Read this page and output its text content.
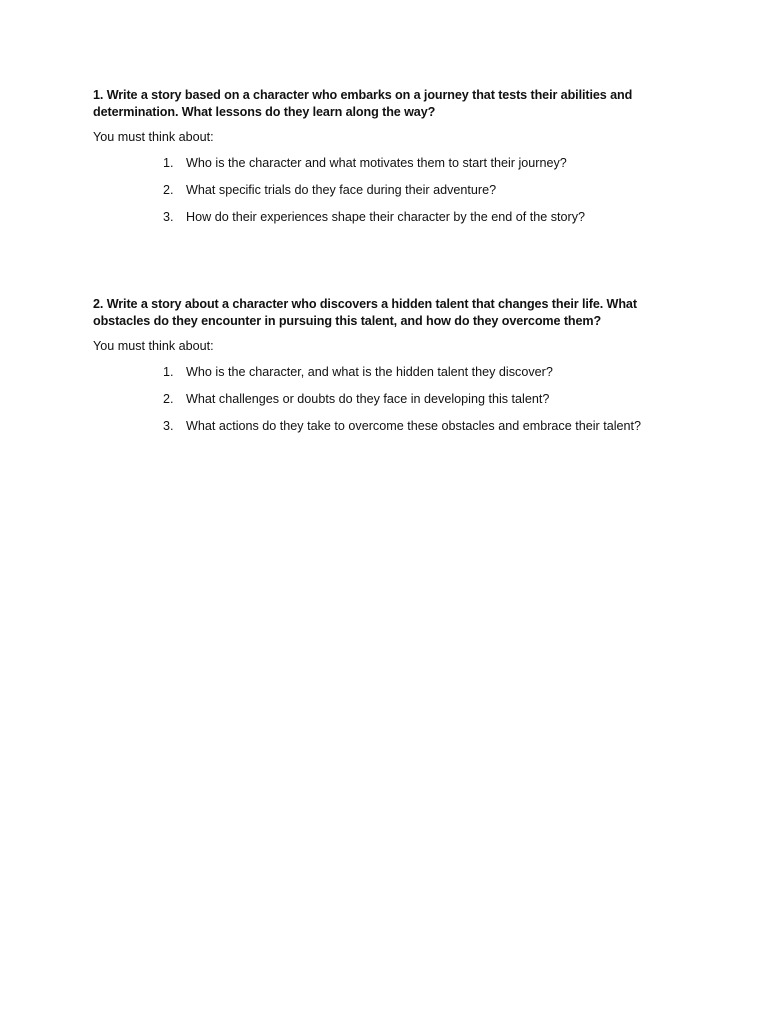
1. Write a story based on a character who embarks on a journey that tests their abilities and determination. What lessons do they learn along the way?

You must think about:

1. Who is the character and what motivates them to start their journey?
2. What specific trials do they face during their adventure?
3. How do their experiences shape their character by the end of the story?

2. Write a story about a character who discovers a hidden talent that changes their life. What obstacles do they encounter in pursuing this talent, and how do they overcome them?

You must think about:

1. Who is the character, and what is the hidden talent they discover?
2. What challenges or doubts do they face in developing this talent?
3. What actions do they take to overcome these obstacles and embrace their talent?
